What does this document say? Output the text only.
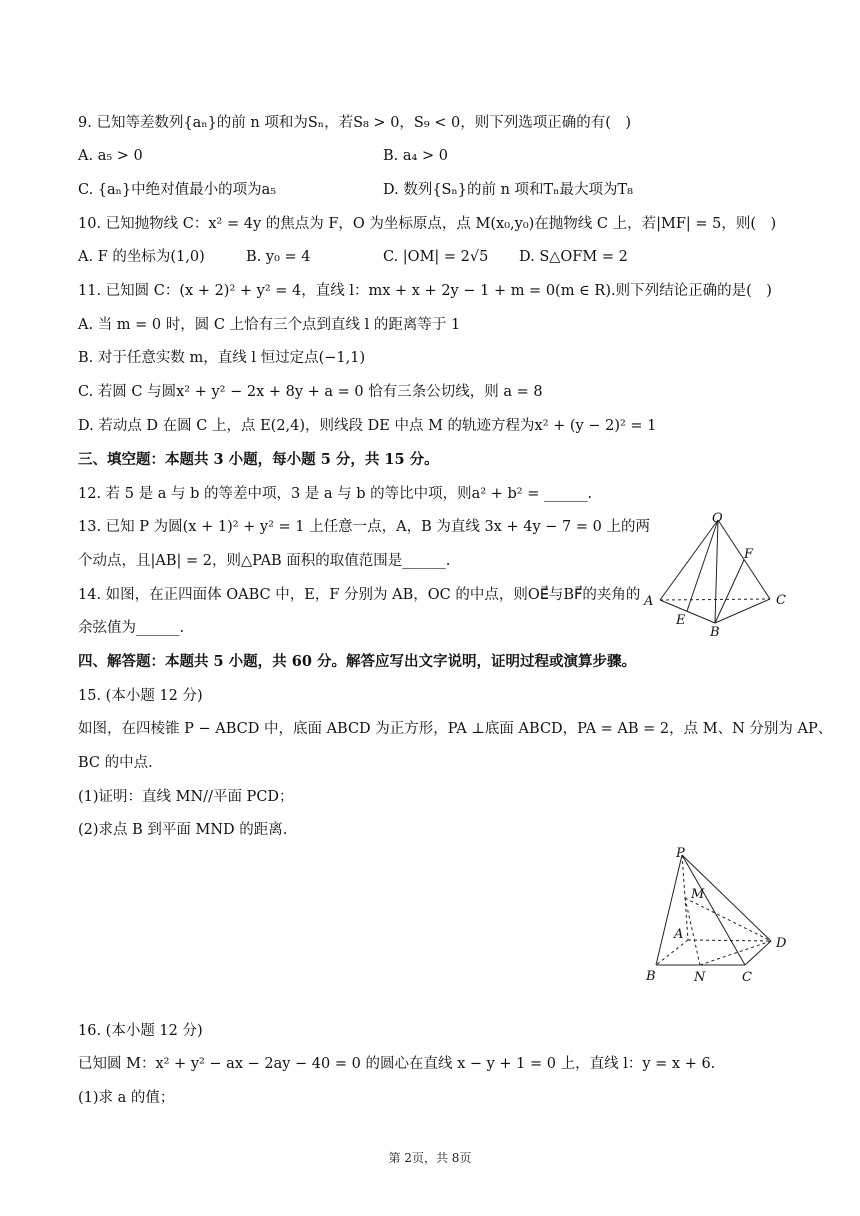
9. 已知等差数列{aₙ}的前 n 项和为Sₙ，若S₈ > 0，S₉ < 0，则下列选项正确的有(　)
A. a₅ > 0	B. a₄ > 0
C. {aₙ}中绝对值最小的项为a₅	D. 数列{Sₙ}的前 n 项和Tₙ最大项为T₈
10. 已知抛物线 C：x² = 4y 的焦点为 F，O 为坐标原点，点 M(x₀,y₀)在抛物线 C 上，若|MF| = 5，则(　)
A. F 的坐标为(1,0)	B. y₀ = 4	C. |OM| = 2√5 D. S△OFM = 2
11. 已知圆 C：(x + 2)² + y² = 4，直线 l：mx + x + 2y − 1 + m = 0(m ∈ R).则下列结论正确的是(　)
A. 当 m = 0 时，圆 C 上恰有三个点到直线 l 的距离等于 1
B. 对于任意实数 m，直线 l 恒过定点(−1,1)
C. 若圆 C 与圆x² + y² − 2x + 8y + a = 0 恰有三条公切线，则 a = 8
D. 若动点 D 在圆 C 上，点 E(2,4)，则线段 DE 中点 M 的轨迹方程为x² + (y − 2)² = 1
三、填空题：本题共 3 小题，每小题 5 分，共 15 分。
12. 若 5 是 a 与 b 的等差中项，3 是 a 与 b 的等比中项，则a² + b² = ______.
13. 已知 P 为圆(x + 1)² + y² = 1 上任意一点，A，B 为直线 3x + 4y − 7 = 0 上的两
个动点，且|AB| = 2，则△PAB 面积的取值范围是______.
14. 如图，在正四面体 OABC 中，E，F 分别为 AB，OC 的中点，则OE⃗与BF⃗的夹角的
余弦值为______.
O
F
A	C
E
B
四、解答题：本题共 5 小题，共 60 分。解答应写出文字说明，证明过程或演算步骤。
15. (本小题 12 分)
如图，在四棱锥 P − ABCD 中，底面 ABCD 为正方形，PA ⊥底面 ABCD，PA = AB = 2，点 M、N 分别为 AP、
BC 的中点.
(1)证明：直线 MN//平面 PCD；
(2)求点 B 到平面 MND 的距离.
P
M
A
D
B	N	C
16. (本小题 12 分)
已知圆 M：x² + y² − ax − 2ay − 40 = 0 的圆心在直线 x − y + 1 = 0 上，直线 l：y = x + 6.
(1)求 a 的值；
第 2页，共 8页
